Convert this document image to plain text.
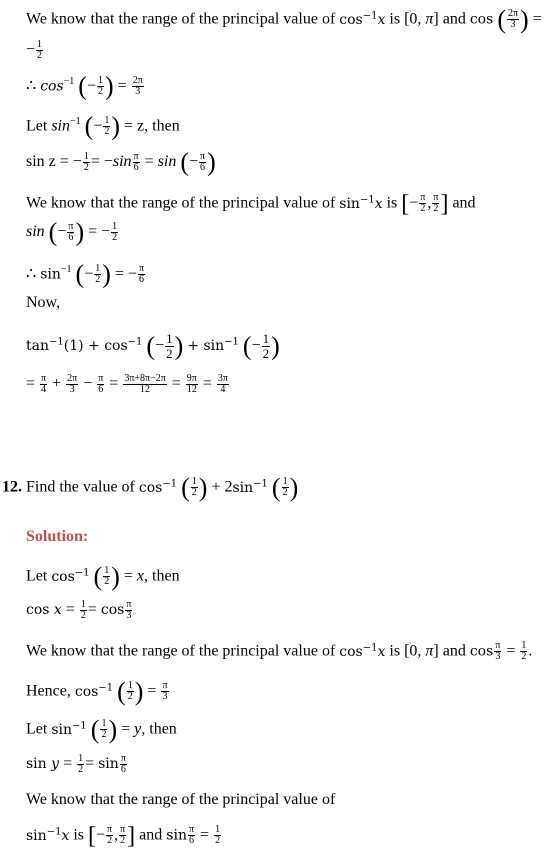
We know that the range of the principal value of $\cos^{-1}x$ is [0, π] and cos ( $\frac{2\pi}{3}$ ) =
− $\frac{1}{2}$
∴ $\cos^{-1}$ (− $\frac{1}{2}$ ) = $\frac{2\pi}{3}$
Let $\sin^{-1}$ (− $\frac{1}{2}$ ) = z, then
sin z = − $\frac{1}{2} = -\sin \frac{\pi}{6} = \sin$ (− $\frac{\pi}{6}$ )
We know that the range of the principal value of $\sin^{-1}x$ is [− $\frac{\pi}{2}$ , $\frac{\pi}{2}$ ] and
sin (− $\frac{\pi}{6}$ ) = − $\frac{1}{2}$
∴ $\sin^{-1}$ (− $\frac{1}{2}$ ) = − $\frac{\pi}{6}$
Now,
$\tan^{-1}(1) + \cos^{-1}$ (− $\frac{1}{2}$ ) + $\sin^{-1}$ (− $\frac{1}{2}$ )
= $\frac{\pi}{4} + \frac{2\pi}{3} - \frac{\pi}{6} = \frac{3\pi+8\pi-2\pi}{12} = \frac{9\pi}{12} = \frac{3\pi}{4}$
12. Find the value of $\cos^{-1}$ ( $\frac{1}{2}$ ) + $2\sin^{-1}$ ( $\frac{1}{2}$ )
Solution:
Let $\cos^{-1}$ ( $\frac{1}{2}$ ) = x, then
$\cos x = \frac{1}{2} = \cos \frac{\pi}{3}$
We know that the range of the principal value of $\cos^{-1}x$ is [0, π] and $\cos \frac{\pi}{3} = \frac{1}{2}$ .
Hence, $\cos^{-1}$ ( $\frac{1}{2}$ ) = $\frac{\pi}{3}$
Let $\sin^{-1}$ ( $\frac{1}{2}$ ) = y, then
$\sin y = \frac{1}{2} = \sin \frac{\pi}{6}$
We know that the range of the principal value of
$\sin^{-1}x$ is [− $\frac{\pi}{2}$ , $\frac{\pi}{2}$ ] and $\sin \frac{\pi}{6} = \frac{1}{2}$
